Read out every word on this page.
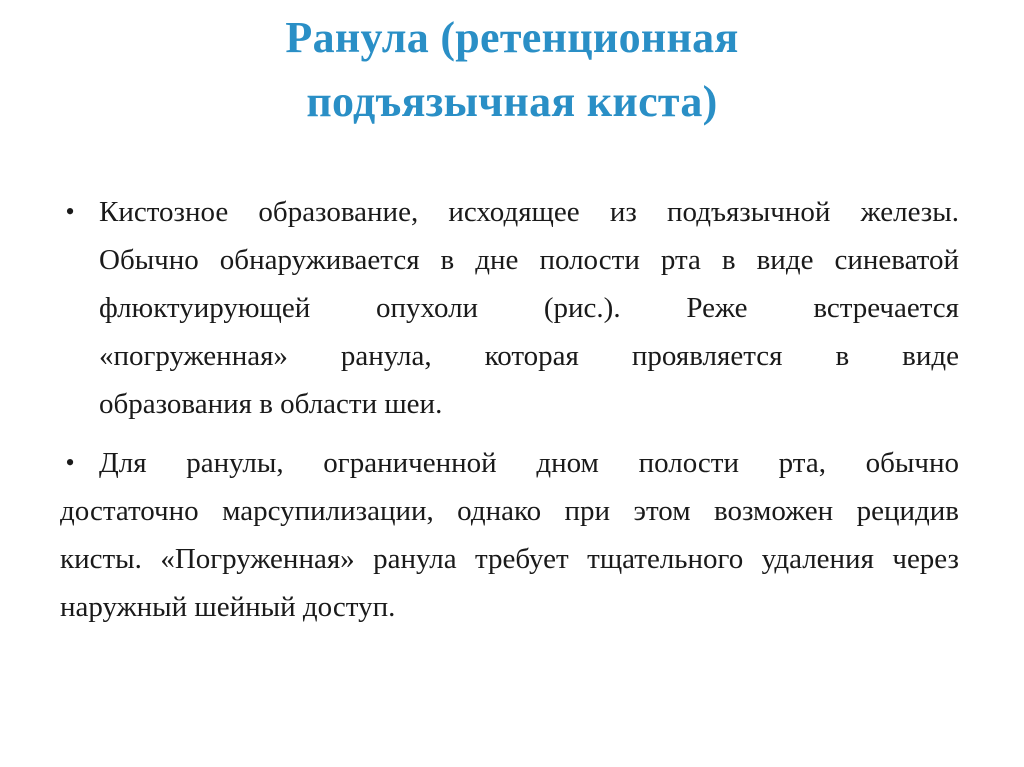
Ранула (ретенционная
подъязычная киста)
• Кистозное образование, исходящее из подъязычной железы.
Обычно обнаруживается в дне полости рта в виде синеватой
флюктуирующей опухоли (рис.). Реже встречается
«погруженная» ранула, которая проявляется в виде
образования в области шеи.
• Для ранулы, ограниченной дном полости рта, обычно
достаточно марсупилизации, однако при этом возможен рецидив
кисты. «Погруженная» ранула требует тщательного удаления через
наружный шейный доступ.
